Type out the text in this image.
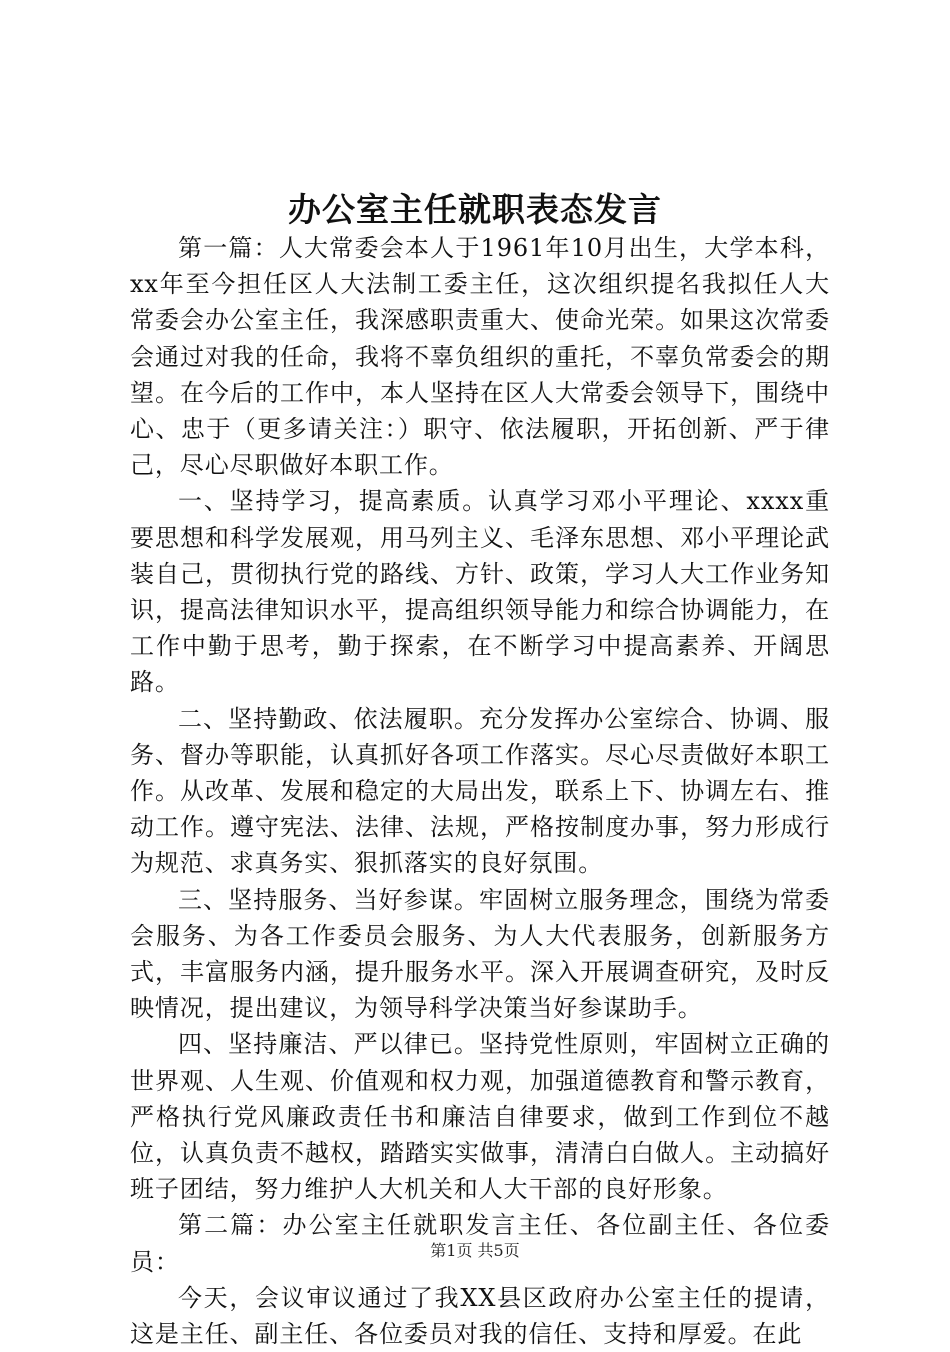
办公室主任就职表态发言

第一篇：人大常委会本人于1961年10月出生，大学本科，xx年至今担任区人大法制工委主任，这次组织提名我拟任人大常委会办公室主任，我深感职责重大、使命光荣。如果这次常委会通过对我的任命，我将不辜负组织的重托，不辜负常委会的期望。在今后的工作中，本人坚持在区人大常委会领导下，围绕中心、忠于（更多请关注：）职守、依法履职，开拓创新、严于律己，尽心尽职做好本职工作。

一、坚持学习，提高素质。认真学习邓小平理论、xxxx重要思想和科学发展观，用马列主义、毛泽东思想、邓小平理论武装自己，贯彻执行党的路线、方针、政策，学习人大工作业务知识，提高法律知识水平，提高组织领导能力和综合协调能力，在工作中勤于思考，勤于探索，在不断学习中提高素养、开阔思路。

二、坚持勤政、依法履职。充分发挥办公室综合、协调、服务、督办等职能，认真抓好各项工作落实。尽心尽责做好本职工作。从改革、发展和稳定的大局出发，联系上下、协调左右、推动工作。遵守宪法、法律、法规，严格按制度办事，努力形成行为规范、求真务实、狠抓落实的良好氛围。

三、坚持服务、当好参谋。牢固树立服务理念，围绕为常委会服务、为各工作委员会服务、为人大代表服务，创新服务方式，丰富服务内涵，提升服务水平。深入开展调查研究，及时反映情况，提出建议，为领导科学决策当好参谋助手。

四、坚持廉洁、严以律已。坚持党性原则，牢固树立正确的世界观、人生观、价值观和权力观，加强道德教育和警示教育，严格执行党风廉政责任书和廉洁自律要求，做到工作到位不越位，认真负责不越权，踏踏实实做事，清清白白做人。主动搞好班子团结，努力维护人大机关和人大干部的良好形象。

第二篇：办公室主任就职发言主任、各位副主任、各位委员：

今天，会议审议通过了我XX县区政府办公室主任的提请，这是主任、副主任、各位委员对我的信任、支持和厚爱。在此

第1页 共5页
